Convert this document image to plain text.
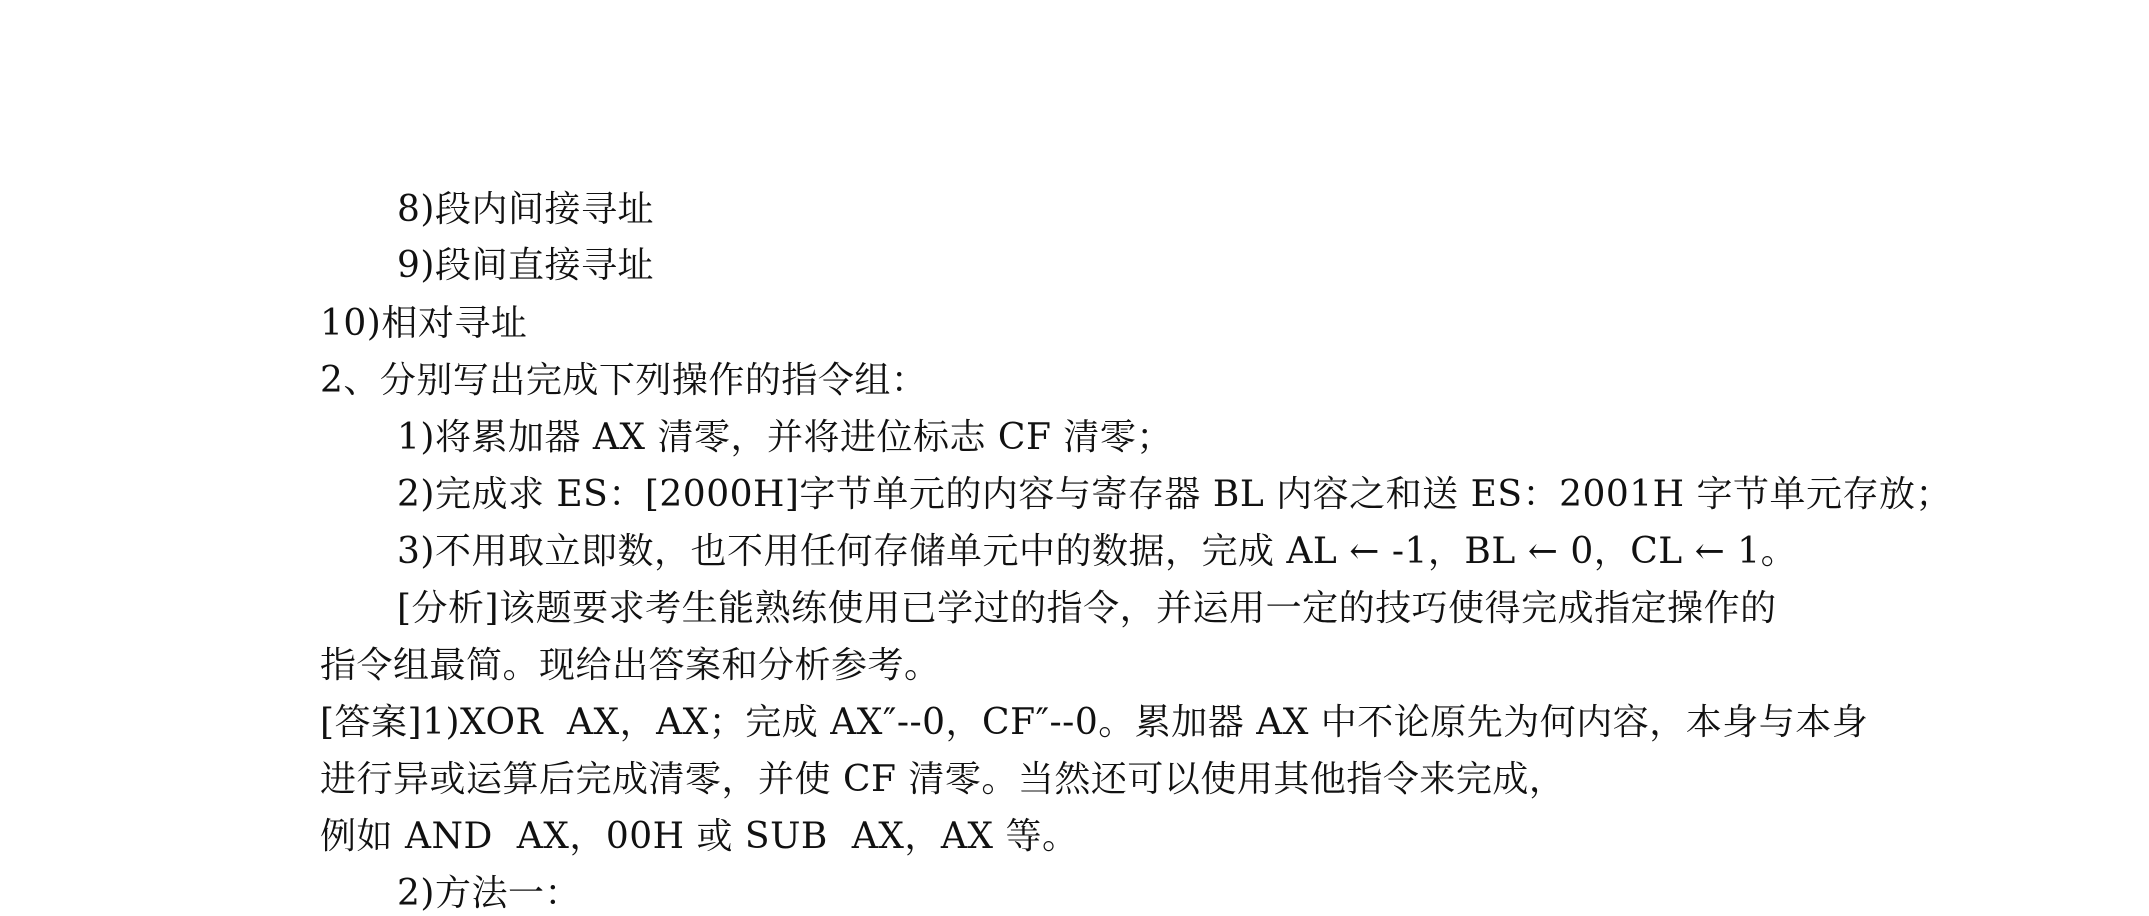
8)段内间接寻址
9)段间直接寻址
10)相对寻址
2、分别写出完成下列操作的指令组：
1)将累加器 AX 清零，并将进位标志 CF 清零；
2)完成求 ES：[2000H]字节单元的内容与寄存器 BL 内容之和送 ES：2001H 字节单元存放；
3)不用取立即数，也不用任何存储单元中的数据，完成 AL ← -1，BL ← 0，CL ← 1。
[分析]该题要求考生能熟练使用已学过的指令，并运用一定的技巧使得完成指定操作的
指令组最简。现给出答案和分析参考。
[答案]1)XOR  AX，AX；完成 AX″--0，CF″--0。累加器 AX 中不论原先为何内容，本身与本身
进行异或运算后完成清零，并使 CF 清零。当然还可以使用其他指令来完成，
例如 AND  AX，00H 或 SUB  AX，AX 等。
2)方法一：
